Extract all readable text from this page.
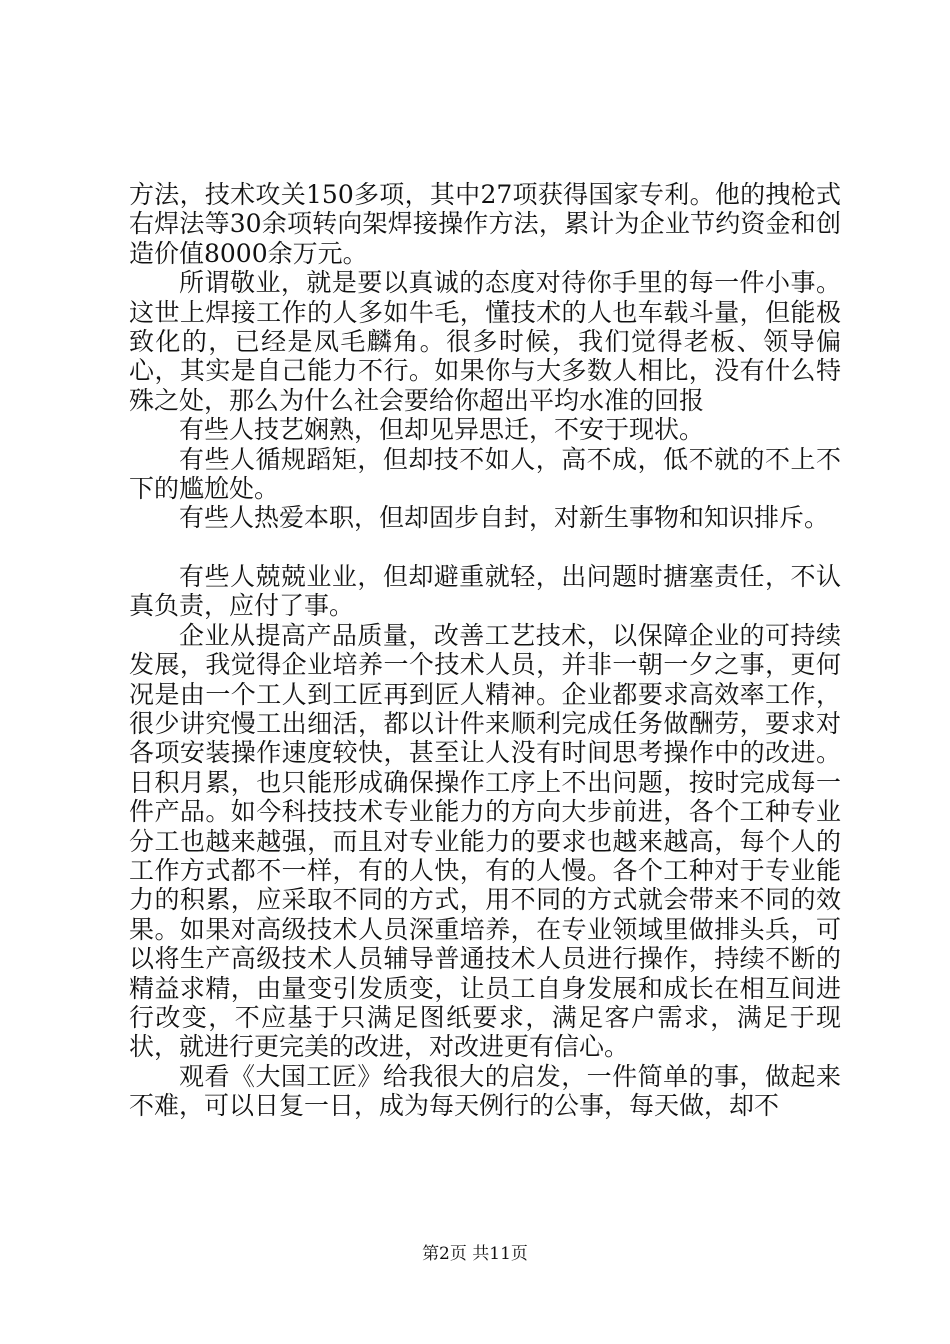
方法，技术攻关150多项，其中27项获得国家专利。他的拽枪式右焊法等30余项转向架焊接操作方法，累计为企业节约资金和创造价值8000余万元。

所谓敬业，就是要以真诚的态度对待你手里的每一件小事。这世上焊接工作的人多如牛毛，懂技术的人也车载斗量，但能极致化的，已经是凤毛麟角。很多时候，我们觉得老板、领导偏心，其实是自己能力不行。如果你与大多数人相比，没有什么特殊之处，那么为什么社会要给你超出平均水准的回报

有些人技艺娴熟，但却见异思迁，不安于现状。

有些人循规蹈矩，但却技不如人，高不成，低不就的不上不下的尴尬处。

有些人热爱本职，但却固步自封，对新生事物和知识排斥。

有些人兢兢业业，但却避重就轻，出问题时搪塞责任，不认真负责，应付了事。

企业从提高产品质量，改善工艺技术，以保障企业的可持续发展，我觉得企业培养一个技术人员，并非一朝一夕之事，更何况是由一个工人到工匠再到匠人精神。企业都要求高效率工作，很少讲究慢工出细活，都以计件来顺利完成任务做酬劳，要求对各项安装操作速度较快，甚至让人没有时间思考操作中的改进。日积月累，也只能形成确保操作工序上不出问题，按时完成每一件产品。如今科技技术专业能力的方向大步前进，各个工种专业分工也越来越强，而且对专业能力的要求也越来越高，每个人的工作方式都不一样，有的人快，有的人慢。各个工种对于专业能力的积累，应采取不同的方式，用不同的方式就会带来不同的效果。如果对高级技术人员深重培养，在专业领域里做排头兵，可以将生产高级技术人员辅导普通技术人员进行操作，持续不断的精益求精，由量变引发质变，让员工自身发展和成长在相互间进行改变，不应基于只满足图纸要求，满足客户需求，满足于现状，就进行更完美的改进，对改进更有信心。

观看《大国工匠》给我很大的启发，一件简单的事，做起来不难，可以日复一日，成为每天例行的公事，每天做，却不

第2页 共11页
